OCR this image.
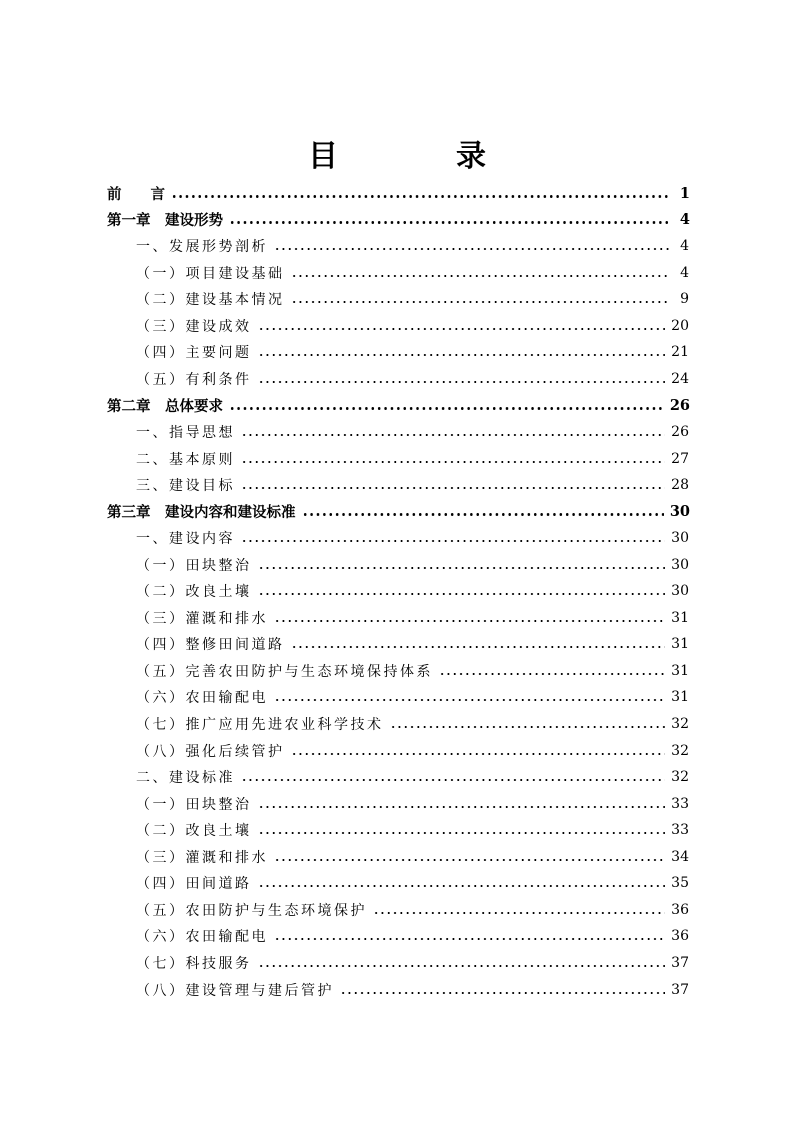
目　录
前　　言	1
第一章　建设形势	4
一、发展形势剖析	4
（一）项目建设基础	4
（二）建设基本情况	9
（三）建设成效	20
（四）主要问题	21
（五）有利条件	24
第二章　总体要求	26
一、指导思想	26
二、基本原则	27
三、建设目标	28
第三章　建设内容和建设标准	30
一、建设内容	30
（一）田块整治	30
（二）改良土壤	30
（三）灌溉和排水	31
（四）整修田间道路	31
（五）完善农田防护与生态环境保持体系	31
（六）农田输配电	31
（七）推广应用先进农业科学技术	32
（八）强化后续管护	32
二、建设标准	32
（一）田块整治	33
（二）改良土壤	33
（三）灌溉和排水	34
（四）田间道路	35
（五）农田防护与生态环境保护	36
（六）农田输配电	36
（七）科技服务	37
（八）建设管理与建后管护	37
